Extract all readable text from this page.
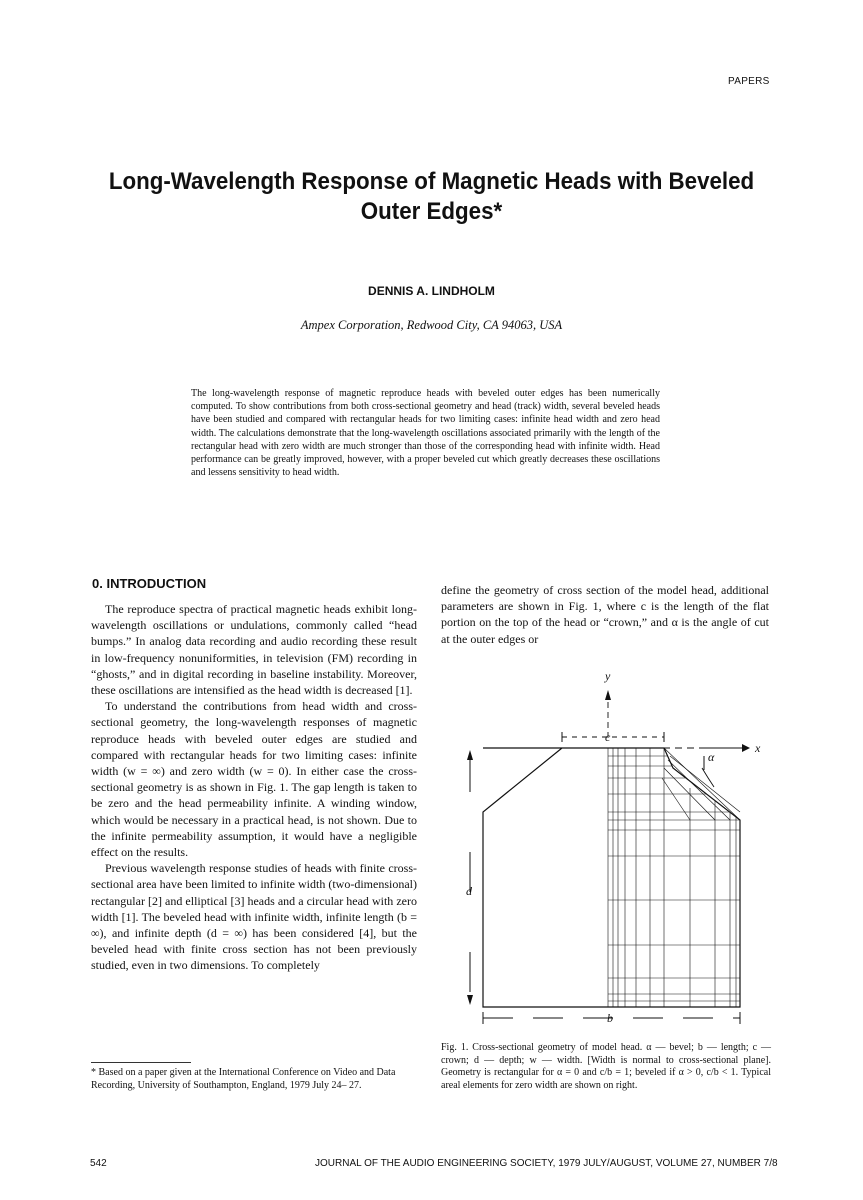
PAPERS
Long-Wavelength Response of Magnetic Heads with Beveled Outer Edges*
DENNIS A. LINDHOLM
Ampex Corporation, Redwood City, CA 94063, USA
The long-wavelength response of magnetic reproduce heads with beveled outer edges has been numerically computed. To show contributions from both cross-sectional geometry and head (track) width, several beveled heads have been studied and compared with rectangular heads for two limiting cases: infinite head width and zero head width. The calculations demonstrate that the long-wavelength oscillations associated primarily with the length of the rectangular head with zero width are much stronger than those of the corresponding head with infinite width. Head performance can be greatly improved, however, with a proper beveled cut which greatly decreases these oscillations and lessens sensitivity to head width.
0. INTRODUCTION

The reproduce spectra of practical magnetic heads exhibit long-wavelength oscillations or undulations, commonly called “head bumps.” In analog data recording and audio recording these result in low-frequency nonuniformities, in television (FM) recording in “ghosts,” and in digital recording in baseline instability. Moreover, these oscillations are intensified as the head width is decreased [1].

To understand the contributions from head width and cross-sectional geometry, the long-wavelength responses of magnetic reproduce heads with beveled outer edges are studied and compared with rectangular heads for two limiting cases: infinite width (w = ∞) and zero width (w = 0). In either case the cross-sectional geometry is as shown in Fig. 1. The gap length is taken to be zero and the head permeability infinite. A winding window, which would be necessary in a practical head, is not shown. Due to the infinite permeability assumption, it would have a negligible effect on the results.

Previous wavelength response studies of heads with finite cross-sectional area have been limited to infinite width (two-dimensional) rectangular [2] and elliptical [3] heads and a circular head with zero width [1]. The beveled head with infinite width, infinite length (b = ∞), and infinite depth (d = ∞) has been considered [4], but the beveled head with finite cross section has not been previously studied, even in two dimensions. To completely

define the geometry of cross section of the model head, additional parameters are shown in Fig. 1, where c is the length of the flat portion on the top of the head or “crown,” and α is the angle of cut at the outer edges or

* Based on a paper given at the International Conference on Video and Data Recording, University of Southampton, England, 1979 July 24– 27.
y
x
c
α
d
b
Fig. 1. Cross-sectional geometry of model head. α — bevel; b — length; c — crown; d — depth; w — width. [Width is normal to cross-sectional plane]. Geometry is rectangular for α = 0 and c/b = 1; beveled if α > 0, c/b < 1. Typical areal elements for zero width are shown on right.
542	JOURNAL OF THE AUDIO ENGINEERING SOCIETY, 1979 JULY/AUGUST, VOLUME 27, NUMBER 7/8
